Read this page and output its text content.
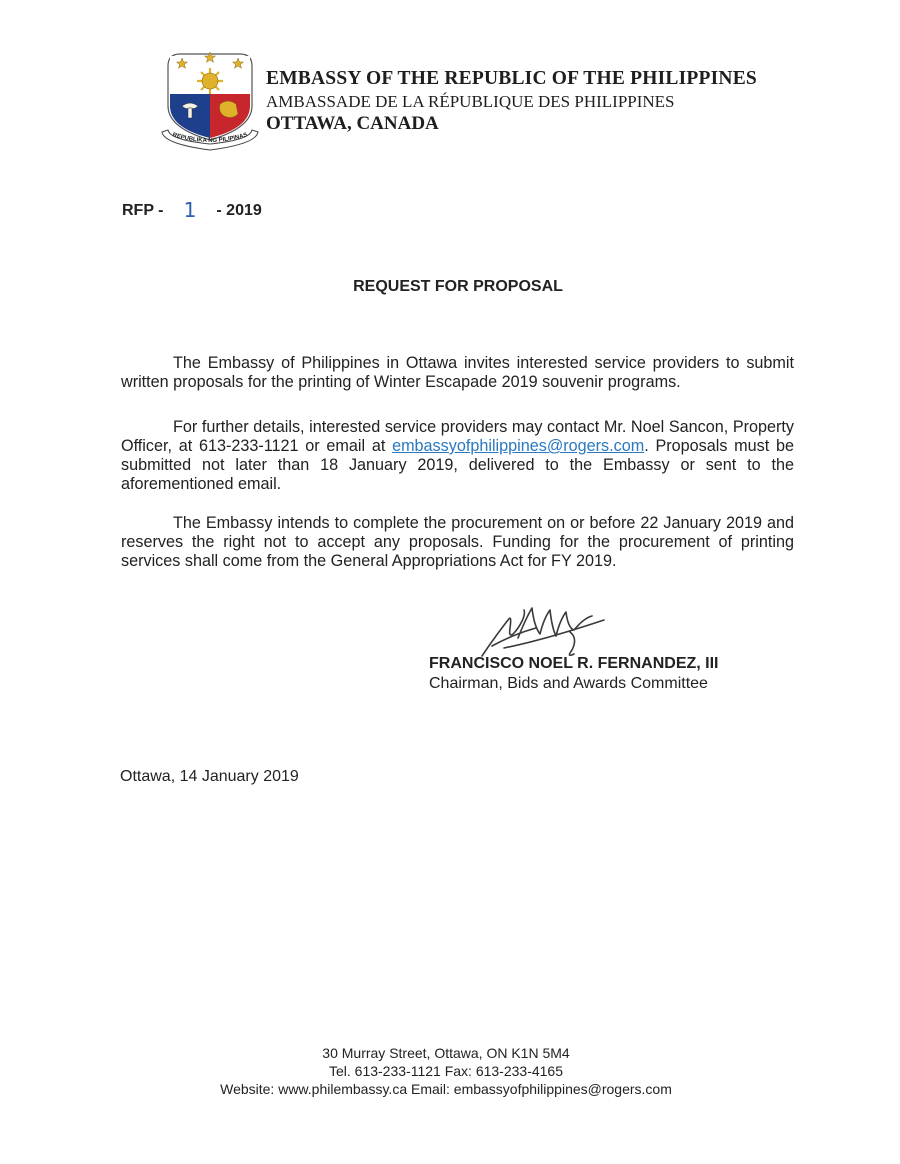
REPUBLIKA NG PILIPINAS
EMBASSY OF THE REPUBLIC OF THE PHILIPPINES
AMBASSADE DE LA RÉPUBLIQUE DES PHILIPPINES
OTTAWA, CANADA
RFP - 1 - 2019
REQUEST FOR PROPOSAL

The Embassy of Philippines in Ottawa invites interested service providers to submit written proposals for the printing of Winter Escapade 2019 souvenir programs.

For further details, interested service providers may contact Mr. Noel Sancon, Property Officer, at 613-233-1121 or email at embassyofphilippines@rogers.com. Proposals must be submitted not later than 18 January 2019, delivered to the Embassy or sent to the aforementioned email.

The Embassy intends to complete the procurement on or before 22 January 2019 and reserves the right not to accept any proposals. Funding for the procurement of printing services shall come from the General Appropriations Act for FY 2019.

FRANCISCO NOEL R. FERNANDEZ, III
Chairman, Bids and Awards Committee
Ottawa, 14 January 2019
30 Murray Street, Ottawa, ON K1N 5M4
Tel. 613-233-1121 Fax: 613-233-4165
Website: www.philembassy.ca Email: embassyofphilippines@rogers.com
